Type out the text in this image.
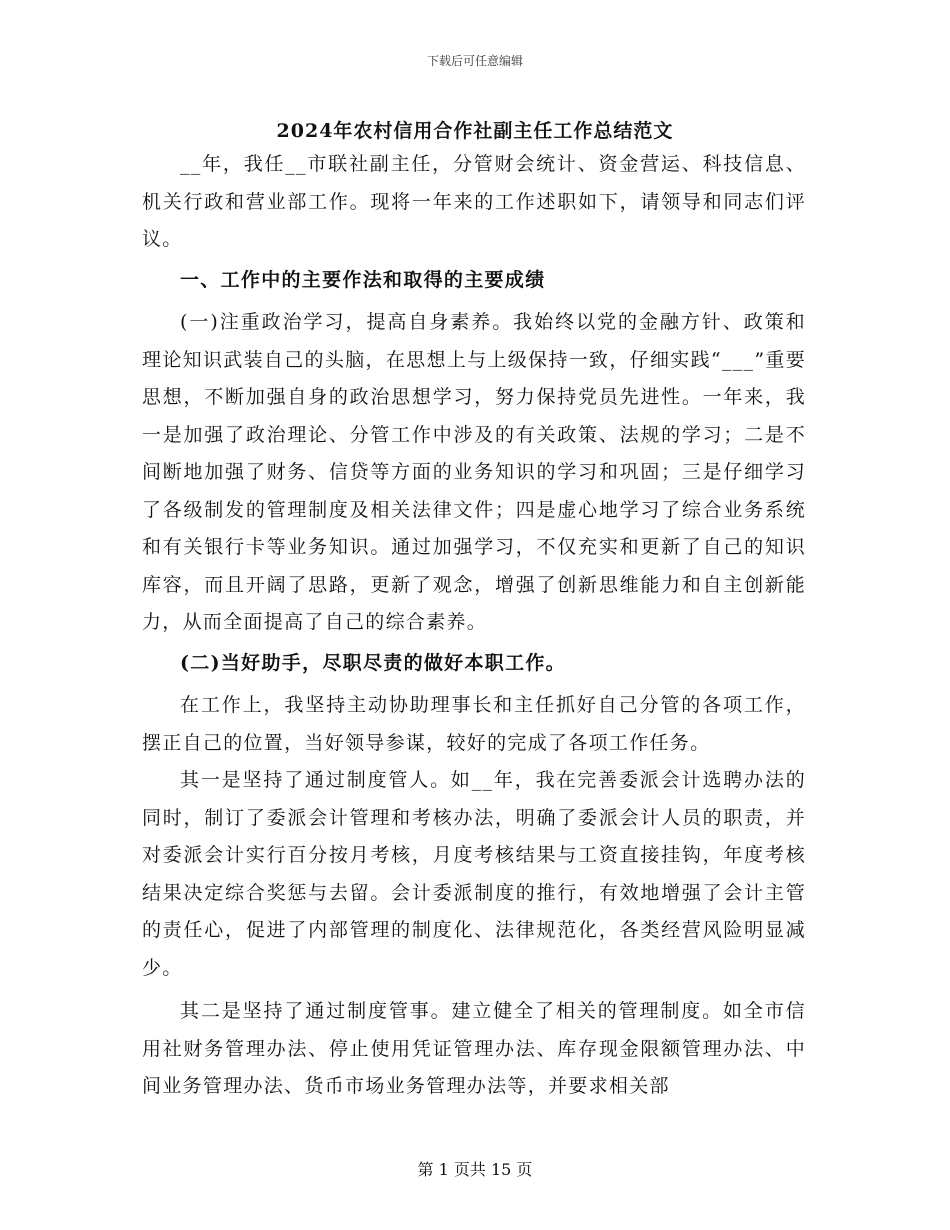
下载后可任意编辑
2024年农村信用合作社副主任工作总结范文

__年，我任__市联社副主任，分管财会统计、资金营运、科技信息、机关行政和营业部工作。现将一年来的工作述职如下，请领导和同志们评议。

一、工作中的主要作法和取得的主要成绩

(一)注重政治学习，提高自身素养。我始终以党的金融方针、政策和理论知识武装自己的头脑，在思想上与上级保持一致，仔细实践“___”重要思想，不断加强自身的政治思想学习，努力保持党员先进性。一年来，我一是加强了政治理论、分管工作中涉及的有关政策、法规的学习；二是不间断地加强了财务、信贷等方面的业务知识的学习和巩固；三是仔细学习了各级制发的管理制度及相关法律文件；四是虚心地学习了综合业务系统和有关银行卡等业务知识。通过加强学习，不仅充实和更新了自己的知识库容，而且开阔了思路，更新了观念，增强了创新思维能力和自主创新能力，从而全面提高了自己的综合素养。

(二)当好助手，尽职尽责的做好本职工作。

在工作上，我坚持主动协助理事长和主任抓好自己分管的各项工作，摆正自己的位置，当好领导参谋，较好的完成了各项工作任务。

其一是坚持了通过制度管人。如__年，我在完善委派会计选聘办法的同时，制订了委派会计管理和考核办法，明确了委派会计人员的职责，并对委派会计实行百分按月考核，月度考核结果与工资直接挂钩，年度考核结果决定综合奖惩与去留。会计委派制度的推行，有效地增强了会计主管的责任心，促进了内部管理的制度化、法律规范化，各类经营风险明显减少。

其二是坚持了通过制度管事。建立健全了相关的管理制度。如全市信用社财务管理办法、停止使用凭证管理办法、库存现金限额管理办法、中间业务管理办法、货币市场业务管理办法等，并要求相关部

第 1 页共 15 页
